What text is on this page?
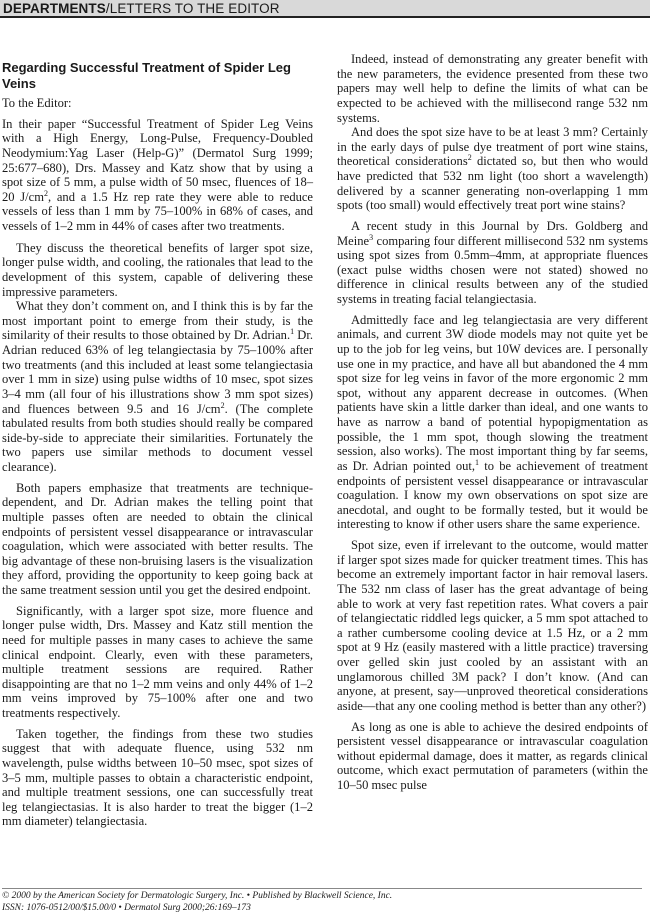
DEPARTMENTS/LETTERS TO THE EDITOR

Regarding Successful Treatment of Spider Leg Veins

To the Editor:

In their paper “Successful Treatment of Spider Leg Veins with a High Energy, Long-Pulse, Frequency-Doubled Neodymium:Yag Laser (Help-G)” (Dermatol Surg 1999; 25:677–680), Drs. Massey and Katz show that by using a spot size of 5 mm, a pulse width of 50 msec, fluences of 18–20 $J/cm^2$, and a 1.5 Hz rep rate they were able to reduce vessels of less than 1 mm by 75–100% in 68% of cases, and vessels of 1–2 mm in 44% of cases after two treatments.

They discuss the theoretical benefits of larger spot size, longer pulse width, and cooling, the rationales that lead to the development of this system, capable of delivering these impressive parameters.

What they don’t comment on, and I think this is by far the most important point to emerge from their study, is the similarity of their results to those obtained by Dr. Adrian.$^1$ Dr. Adrian reduced 63% of leg telangiectasia by 75–100% after two treatments (and this included at least some telangiectasia over 1 mm in size) using pulse widths of 10 msec, spot sizes 3–4 mm (all four of his illustrations show 3 mm spot sizes) and fluences between 9.5 and 16 $J/cm^2$. (The complete tabulated results from both studies should really be compared side-by-side to appreciate their similarities. Fortunately the two papers use similar methods to document vessel clearance).

Both papers emphasize that treatments are technique-dependent, and Dr. Adrian makes the telling point that multiple passes often are needed to obtain the clinical endpoints of persistent vessel disappearance or intravascular coagulation, which were associated with better results. The big advantage of these non-bruising lasers is the visualization they afford, providing the opportunity to keep going back at the same treatment session until you get the desired endpoint.

Significantly, with a larger spot size, more fluence and longer pulse width, Drs. Massey and Katz still mention the need for multiple passes in many cases to achieve the same clinical endpoint. Clearly, even with these parameters, multiple treatment sessions are required. Rather disappointing are that no 1–2 mm veins and only 44% of 1–2 mm veins improved by 75–100% after one and two treatments respectively.

Taken together, the findings from these two studies suggest that with adequate fluence, using 532 nm wavelength, pulse widths between 10–50 msec, spot sizes of 3–5 mm, multiple passes to obtain a characteristic endpoint, and multiple treatment sessions, one can successfully treat leg telangiectasias. It is also harder to treat the bigger (1–2 mm diameter) telangiectasia.

Indeed, instead of demonstrating any greater benefit with the new parameters, the evidence presented from these two papers may well help to define the limits of what can be expected to be achieved with the millisecond range 532 nm systems.

And does the spot size have to be at least 3 mm? Certainly in the early days of pulse dye treatment of port wine stains, theoretical considerations$^2$ dictated so, but then who would have predicted that 532 nm light (too short a wavelength) delivered by a scanner generating non-overlapping 1 mm spots (too small) would effectively treat port wine stains?

A recent study in this Journal by Drs. Goldberg and Meine$^3$ comparing four different millisecond 532 nm systems using spot sizes from 0.5mm–4mm, at appropriate fluences (exact pulse widths chosen were not stated) showed no difference in clinical results between any of the studied systems in treating facial telangiectasia.

Admittedly face and leg telangiectasia are very different animals, and current 3W diode models may not quite yet be up to the job for leg veins, but 10W devices are. I personally use one in my practice, and have all but abandoned the 4 mm spot size for leg veins in favor of the more ergonomic 2 mm spot, without any apparent decrease in outcomes. (When patients have skin a little darker than ideal, and one wants to have as narrow a band of potential hypopigmentation as possible, the 1 mm spot, though slowing the treatment session, also works). The most important thing by far seems, as Dr. Adrian pointed out,$^1$ to be achievement of treatment endpoints of persistent vessel disappearance or intravascular coagulation. I know my own observations on spot size are anecdotal, and ought to be formally tested, but it would be interesting to know if other users share the same experience.

Spot size, even if irrelevant to the outcome, would matter if larger spot sizes made for quicker treatment times. This has become an extremely important factor in hair removal lasers. The 532 nm class of laser has the great advantage of being able to work at very fast repetition rates. What covers a pair of telangiectatic riddled legs quicker, a 5 mm spot attached to a rather cumbersome cooling device at 1.5 Hz, or a 2 mm spot at 9 Hz (easily mastered with a little practice) traversing over gelled skin just cooled by an assistant with an unglamorous chilled 3M pack? I don’t know. (And can anyone, at present, say—unproved theoretical considerations aside—that any one cooling method is better than any other?)

As long as one is able to achieve the desired endpoints of persistent vessel disappearance or intravascular coagulation without epidermal damage, does it matter, as regards clinical outcome, which exact permutation of parameters (within the 10–50 msec pulse

© 2000 by the American Society for Dermatologic Surgery, Inc. • Published by Blackwell Science, Inc.
ISSN: 1076-0512/00/$15.00/0 • Dermatol Surg 2000;26:169–173
